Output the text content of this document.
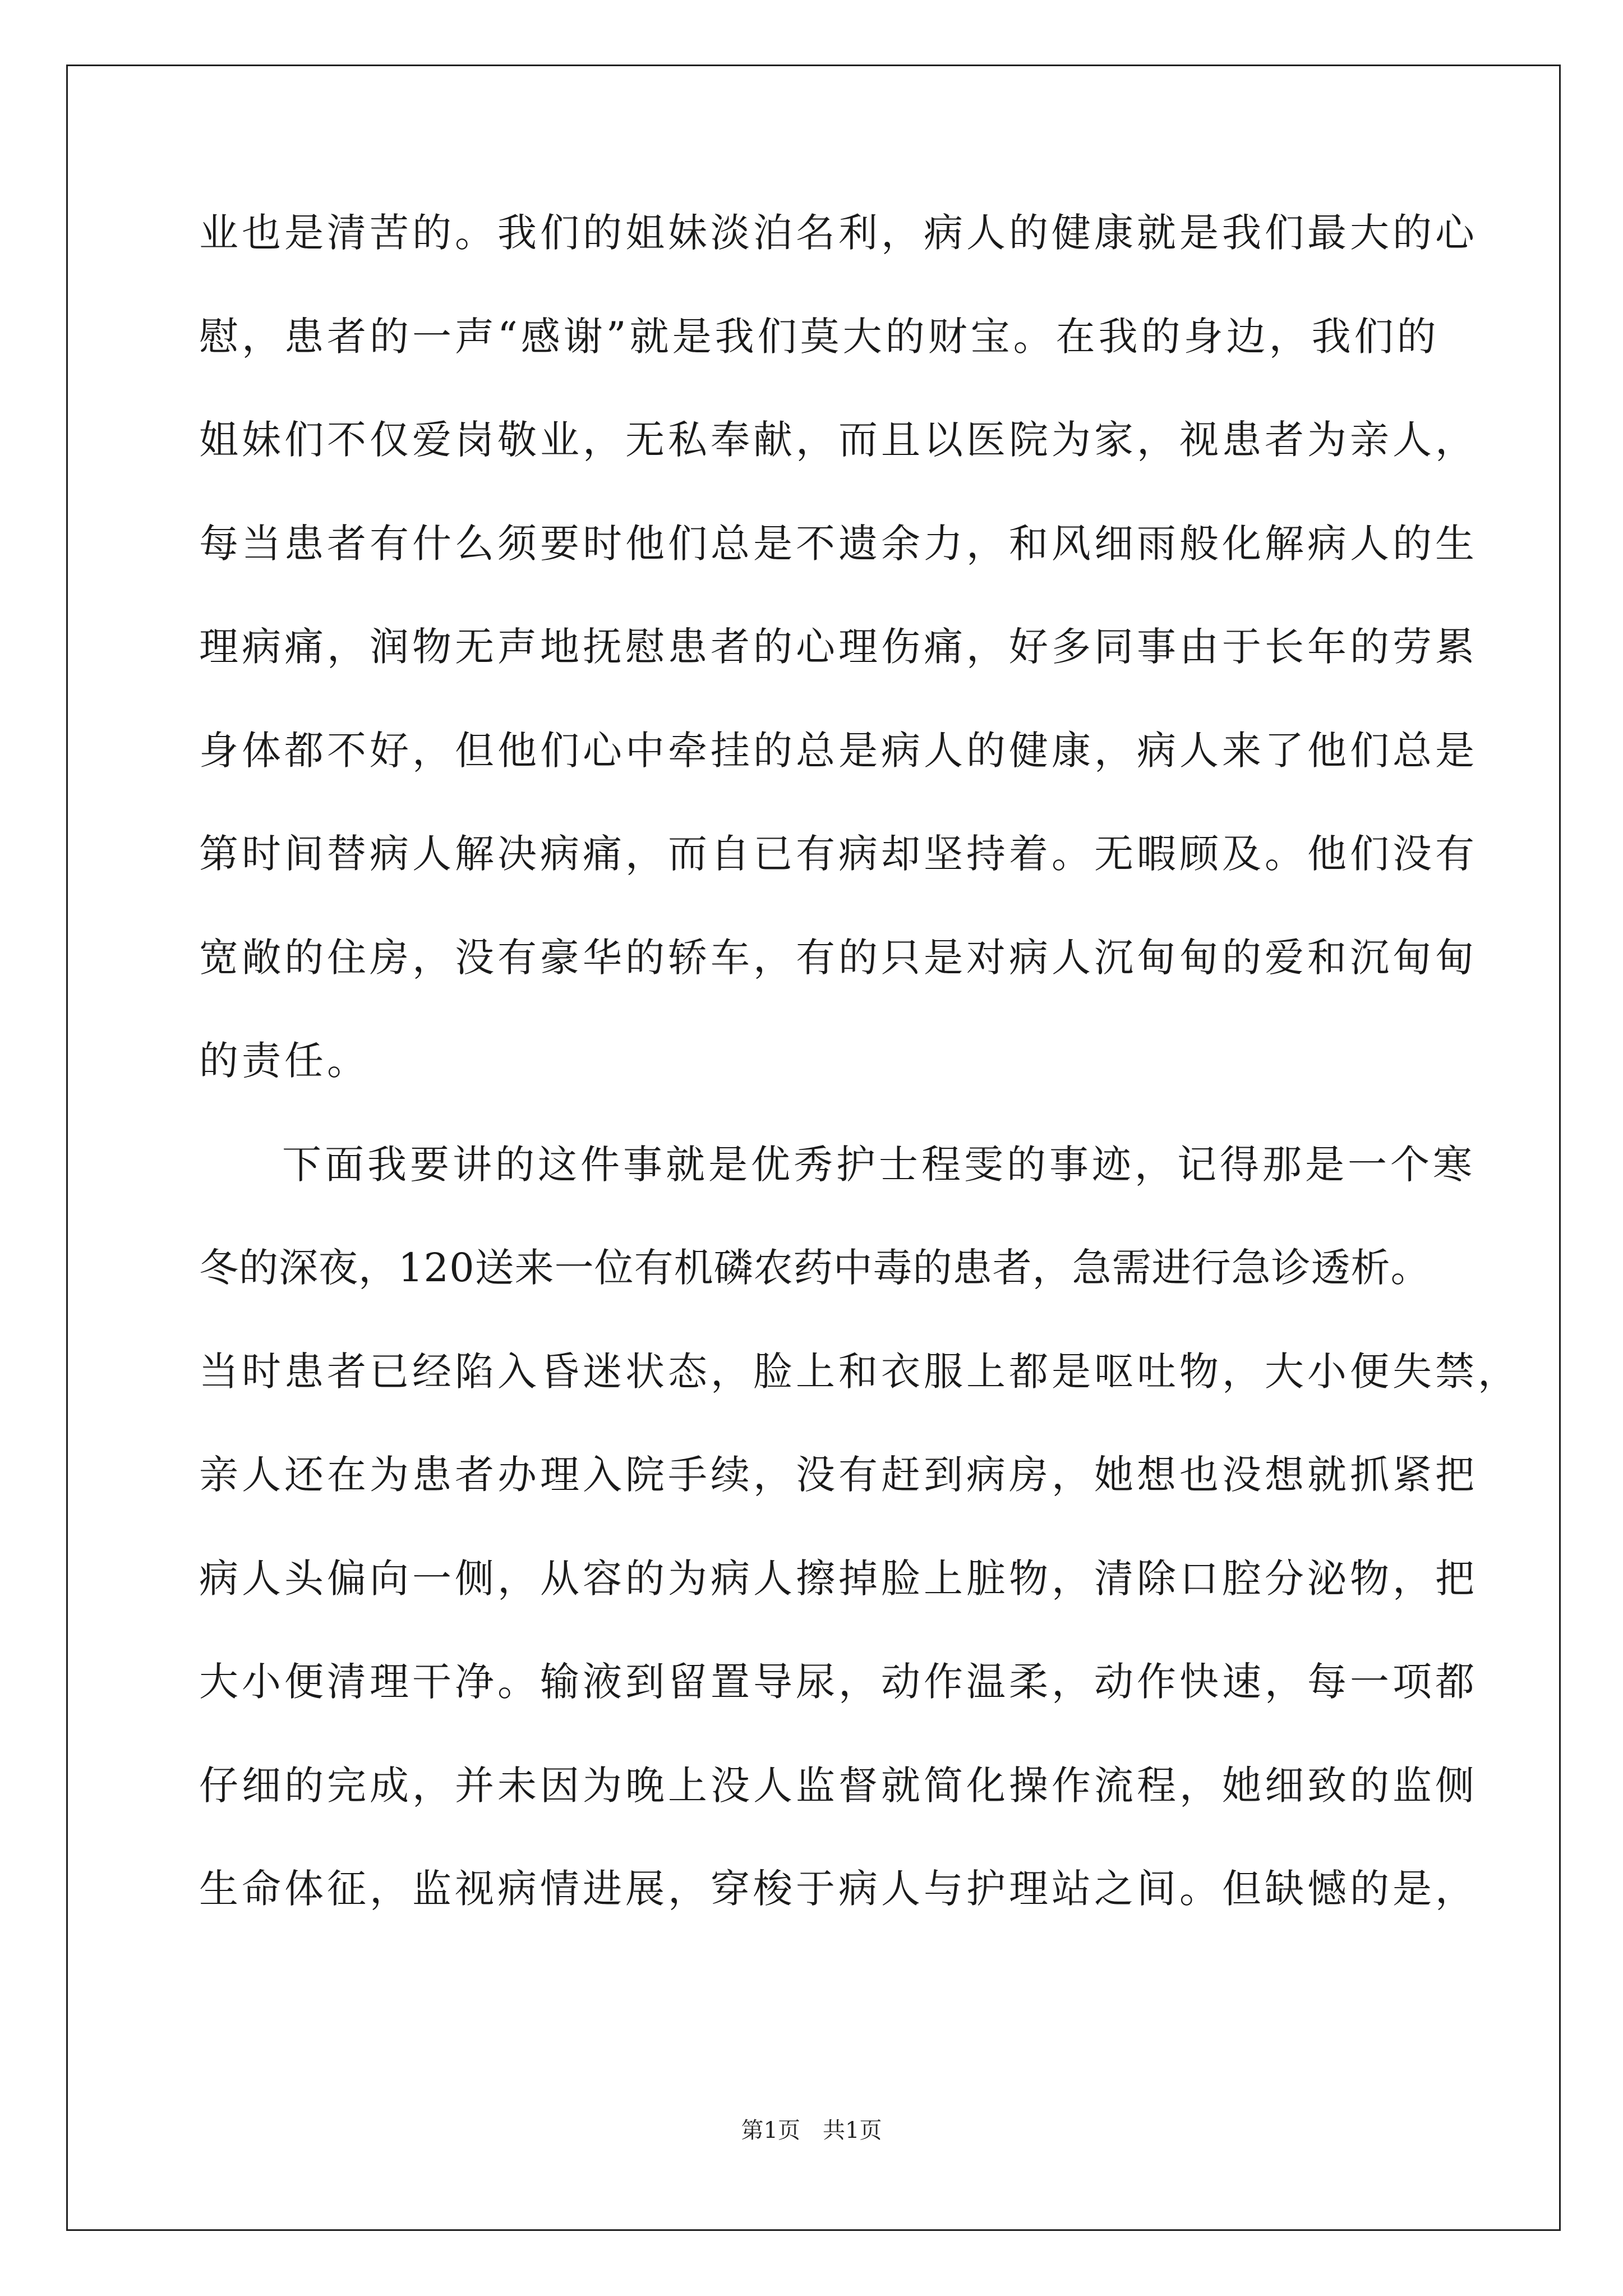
业也是清苦的。我们的姐妹淡泊名利，病人的健康就是我们最大的心
慰，患者的一声“感谢”就是我们莫大的财宝。在我的身边，我们的
姐妹们不仅爱岗敬业，无私奉献，而且以医院为家，视患者为亲人，
每当患者有什么须要时他们总是不遗余力，和风细雨般化解病人的生
理病痛，润物无声地抚慰患者的心理伤痛，好多同事由于长年的劳累
身体都不好，但他们心中牵挂的总是病人的健康，病人来了他们总是
第时间替病人解决病痛，而自已有病却坚持着。无暇顾及。他们没有
宽敞的住房，没有豪华的轿车，有的只是对病人沉甸甸的爱和沉甸甸
的责任。
下面我要讲的这件事就是优秀护士程雯的事迹，记得那是一个寒
冬的深夜，120送来一位有机磷农药中毒的患者，急需进行急诊透析。
当时患者已经陷入昏迷状态，脸上和衣服上都是呕吐物，大小便失禁，
亲人还在为患者办理入院手续，没有赶到病房，她想也没想就抓紧把
病人头偏向一侧，从容的为病人擦掉脸上脏物，清除口腔分泌物，把
大小便清理干净。输液到留置导尿，动作温柔，动作快速，每一项都
仔细的完成，并未因为晚上没人监督就简化操作流程，她细致的监侧
生命体征，监视病情进展，穿梭于病人与护理站之间。但缺憾的是，
第1页　共1页
